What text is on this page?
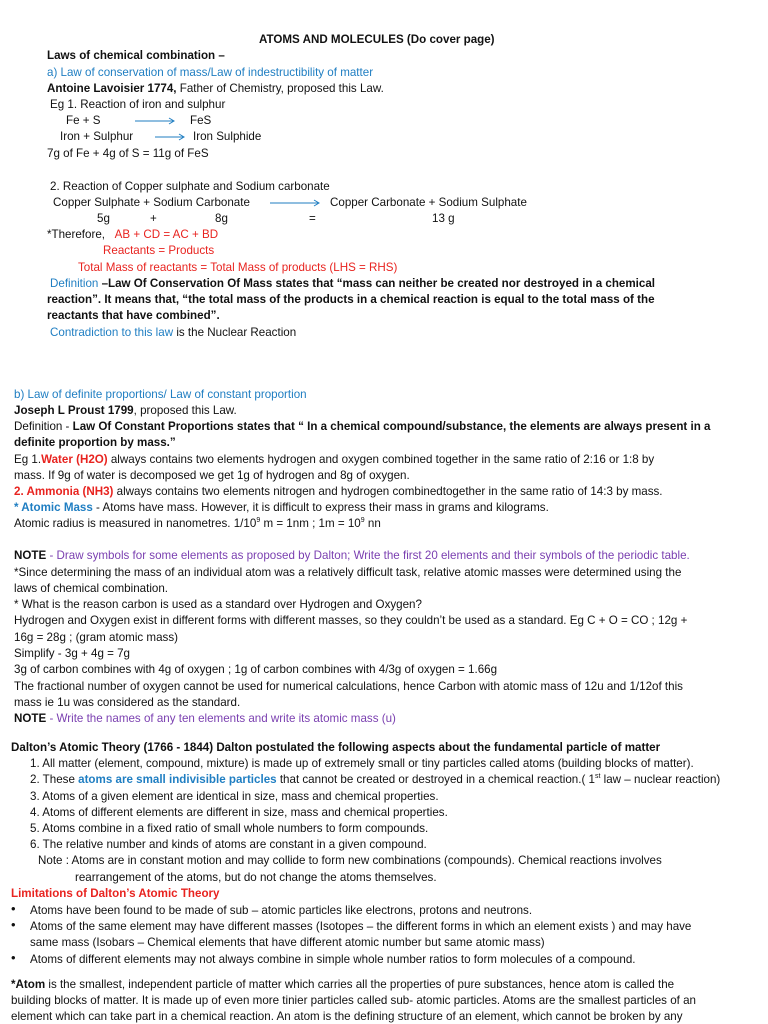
ATOMS AND MOLECULES (Do cover page)
Laws of chemical combination –
a) Law of conservation of mass/Law of indestructibility of matter
Antoine Lavoisier 1774, Father of Chemistry, proposed this Law.
Eg 1. Reaction of iron and sulphur
Fe + S	→ FeS
Iron + Sulphur → Iron Sulphide
7g of Fe + 4g of S = 11g of FeS
2. Reaction of Copper sulphate and Sodium carbonate
Copper Sulphate + Sodium Carbonate	Copper Carbonate + Sodium Sulphate
5g	+	8g	=	13 g
*Therefore, AB + CD = AC + BD
Reactants = Products
Total Mass of reactants = Total Mass of products (LHS = RHS)
Definition –Law Of Conservation Of Mass states that “mass can neither be created nor destroyed in a chemical
reaction”. It means that, “the total mass of the products in a chemical reaction is equal to the total mass of the
reactants that have combined”.
Contradiction to this law is the Nuclear Reaction
b) Law of definite proportions/ Law of constant proportion
Joseph L Proust 1799, proposed this Law.
Definition - Law Of Constant Proportions states that “ In a chemical compound/substance, the elements are always present in a
definite proportion by mass.”
Eg 1.Water (H2O) always contains two elements hydrogen and oxygen combined together in the same ratio of 2:16 or 1:8 by
mass. If 9g of water is decomposed we get 1g of hydrogen and 8g of oxygen.
2. Ammonia (NH3) always contains two elements nitrogen and hydrogen combinedtogether in the same ratio of 14:3 by mass.
* Atomic Mass - Atoms have mass. However, it is difficult to express their mass in grams and kilograms.
Atomic radius is measured in nanometres. $1/10^9$ m = 1nm ; $1m = 10^9$ nn
NOTE - Draw symbols for some elements as proposed by Dalton; Write the first 20 elements and their symbols of the periodic table.
*Since determining the mass of an individual atom was a relatively difficult task, relative atomic masses were determined using the
laws of chemical combination.
* What is the reason carbon is used as a standard over Hydrogen and Oxygen?
Hydrogen and Oxygen exist in different forms with different masses, so they couldn’t be used as a standard. Eg C + O = CO ; 12g +
16g = 28g ; (gram atomic mass)
Simplify - 3g + 4g = 7g
3g of carbon combines with 4g of oxygen ; 1g of carbon combines with 4/3g of oxygen = 1.66g
The fractional number of oxygen cannot be used for numerical calculations, hence Carbon with atomic mass of 12u and 1/12of this
mass ie 1u was considered as the standard.
NOTE - Write the names of any ten elements and write its atomic mass (u)
Dalton’s Atomic Theory (1766 - 1844) Dalton postulated the following aspects about the fundamental particle of matter
1. All matter (element, compound, mixture) is made up of extremely small or tiny particles called atoms (building blocks of matter).
2. These atoms are small indivisible particles that cannot be created or destroyed in a chemical reaction.( 1st law – nuclear reaction)
3. Atoms of a given element are identical in size, mass and chemical properties.
4. Atoms of different elements are different in size, mass and chemical properties.
5. Atoms combine in a fixed ratio of small whole numbers to form compounds.
6. The relative number and kinds of atoms are constant in a given compound.
Note : Atoms are in constant motion and may collide to form new combinations (compounds). Chemical reactions involves
rearrangement of the atoms, but do not change the atoms themselves.
Limitations of Dalton’s Atomic Theory
• Atoms have been found to be made of sub – atomic particles like electrons, protons and neutrons.
• Atoms of the same element may have different masses (Isotopes – the different forms in which an element exists ) and may have
same mass (Isobars – Chemical elements that have different atomic number but same atomic mass)
• Atoms of different elements may not always combine in simple whole number ratios to form molecules of a compound.
*Atom is the smallest, independent particle of matter which carries all the properties of pure substances, hence atom is called the
building blocks of matter. It is made up of even more tinier particles called sub- atomic particles. Atoms are the smallest particles of an
element which can take part in a chemical reaction. An atom is the defining structure of an element, which cannot be broken by any
